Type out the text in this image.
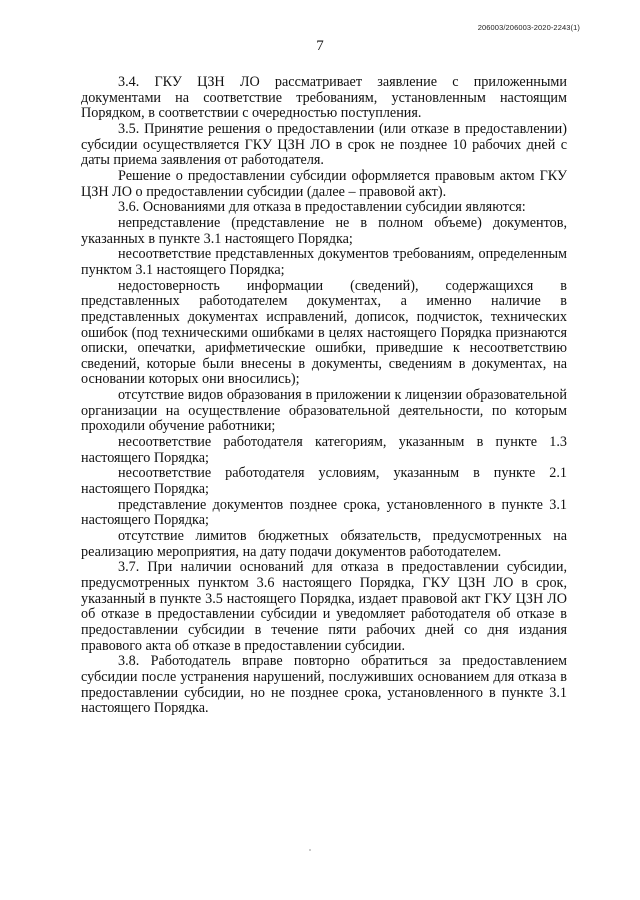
206003/206003-2020-2243(1)
7

3.4. ГКУ ЦЗН ЛО рассматривает заявление с приложенными документами на соответствие требованиям, установленным настоящим Порядком, в соответствии с очередностью поступления.

3.5. Принятие решения о предоставлении (или отказе в предоставлении) субсидии осуществляется ГКУ ЦЗН ЛО в срок не позднее 10 рабочих дней с даты приема заявления от работодателя.

Решение о предоставлении субсидии оформляется правовым актом ГКУ ЦЗН ЛО о предоставлении субсидии (далее – правовой акт).

3.6. Основаниями для отказа в предоставлении субсидии являются:

непредставление (представление не в полном объеме) документов, указанных в пункте 3.1 настоящего Порядка;

несоответствие представленных документов требованиям, определенным пунктом 3.1 настоящего Порядка;

недостоверность информации (сведений), содержащихся в представленных работодателем документах, а именно наличие в представленных документах исправлений, дописок, подчисток, технических ошибок (под техническими ошибками в целях настоящего Порядка признаются описки, опечатки, арифметические ошибки, приведшие к несоответствию сведений, которые были внесены в документы, сведениям в документах, на основании которых они вносились);

отсутствие видов образования в приложении к лицензии образовательной организации на осуществление образовательной деятельности, по которым проходили обучение работники;

несоответствие работодателя категориям, указанным в пункте 1.3 настоящего Порядка;

несоответствие работодателя условиям, указанным в пункте 2.1 настоящего Порядка;

представление документов позднее срока, установленного в пункте 3.1 настоящего Порядка;

отсутствие лимитов бюджетных обязательств, предусмотренных на реализацию мероприятия, на дату подачи документов работодателем.

3.7. При наличии оснований для отказа в предоставлении субсидии, предусмотренных пунктом 3.6 настоящего Порядка, ГКУ ЦЗН ЛО в срок, указанный в пункте 3.5 настоящего Порядка, издает правовой акт ГКУ ЦЗН ЛО об отказе в предоставлении субсидии и уведомляет работодателя об отказе в предоставлении субсидии в течение пяти рабочих дней со дня издания правового акта об отказе в предоставлении субсидии.

3.8. Работодатель вправе повторно обратиться за предоставлением субсидии после устранения нарушений, послуживших основанием для отказа в предоставлении субсидии, но не позднее срока, установленного в пункте 3.1 настоящего Порядка.
